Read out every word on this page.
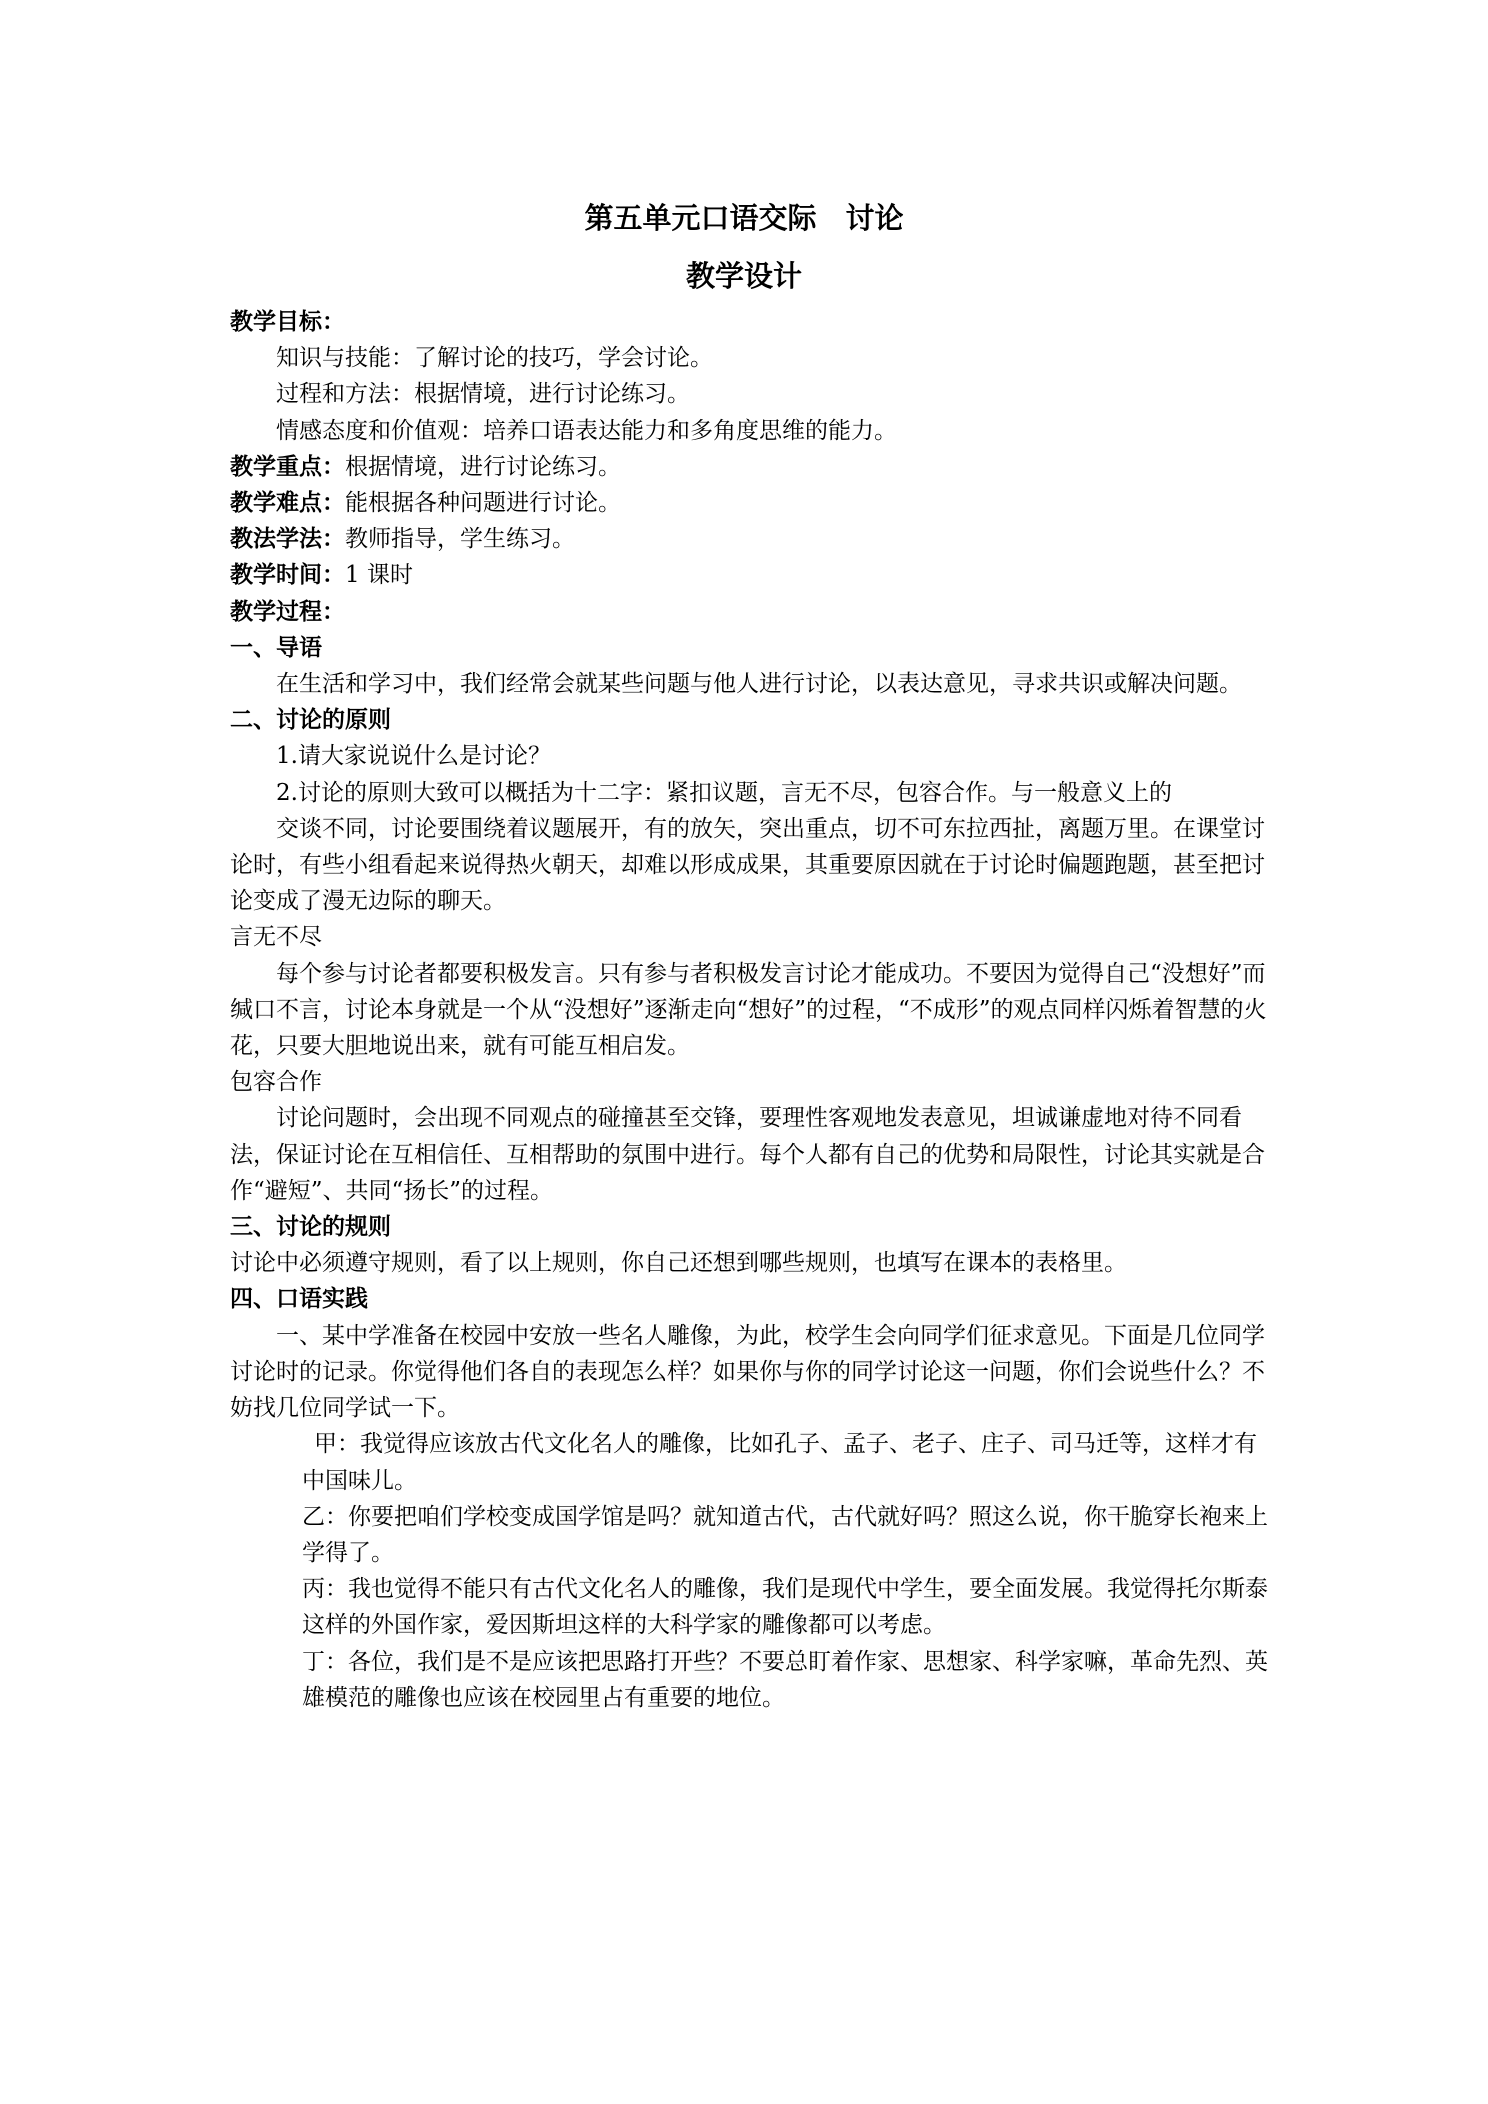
第五单元口语交际　讨论
教学设计

教学目标：

知识与技能：了解讨论的技巧，学会讨论。

过程和方法：根据情境，进行讨论练习。

情感态度和价值观：培养口语表达能力和多角度思维的能力。

教学重点：根据情境，进行讨论练习。

教学难点：能根据各种问题进行讨论。

教法学法：教师指导，学生练习。

教学时间：1 课时

教学过程：

一、导语

在生活和学习中，我们经常会就某些问题与他人进行讨论，以表达意见，寻求共识或解决问题。

二、讨论的原则

1.请大家说说什么是讨论？

2.讨论的原则大致可以概括为十二字：紧扣议题，言无不尽，包容合作。与一般意义上的

交谈不同，讨论要围绕着议题展开，有的放矢，突出重点，切不可东拉西扯，离题万里。在课堂讨论时，有些小组看起来说得热火朝天，却难以形成成果，其重要原因就在于讨论时偏题跑题，甚至把讨论变成了漫无边际的聊天。

言无不尽

每个参与讨论者都要积极发言。只有参与者积极发言讨论才能成功。不要因为觉得自己“没想好”而缄口不言，讨论本身就是一个从“没想好”逐渐走向“想好”的过程，“不成形”的观点同样闪烁着智慧的火花，只要大胆地说出来，就有可能互相启发。

包容合作

讨论问题时，会出现不同观点的碰撞甚至交锋，要理性客观地发表意见，坦诚谦虚地对待不同看法，保证讨论在互相信任、互相帮助的氛围中进行。每个人都有自己的优势和局限性，讨论其实就是合作“避短”、共同“扬长”的过程。

三、讨论的规则

讨论中必须遵守规则，看了以上规则，你自己还想到哪些规则，也填写在课本的表格里。

四、口语实践

一、某中学准备在校园中安放一些名人雕像，为此，校学生会向同学们征求意见。下面是几位同学讨论时的记录。你觉得他们各自的表现怎么样？如果你与你的同学讨论这一问题，你们会说些什么？不妨找几位同学试一下。

甲：我觉得应该放古代文化名人的雕像，比如孔子、孟子、老子、庄子、司马迁等，这样才有中国味儿。

乙：你要把咱们学校变成国学馆是吗？就知道古代，古代就好吗？照这么说，你干脆穿长袍来上学得了。

丙：我也觉得不能只有古代文化名人的雕像，我们是现代中学生，要全面发展。我觉得托尔斯泰这样的外国作家，爱因斯坦这样的大科学家的雕像都可以考虑。

丁：各位，我们是不是应该把思路打开些？不要总盯着作家、思想家、科学家嘛，革命先烈、英雄模范的雕像也应该在校园里占有重要的地位。
